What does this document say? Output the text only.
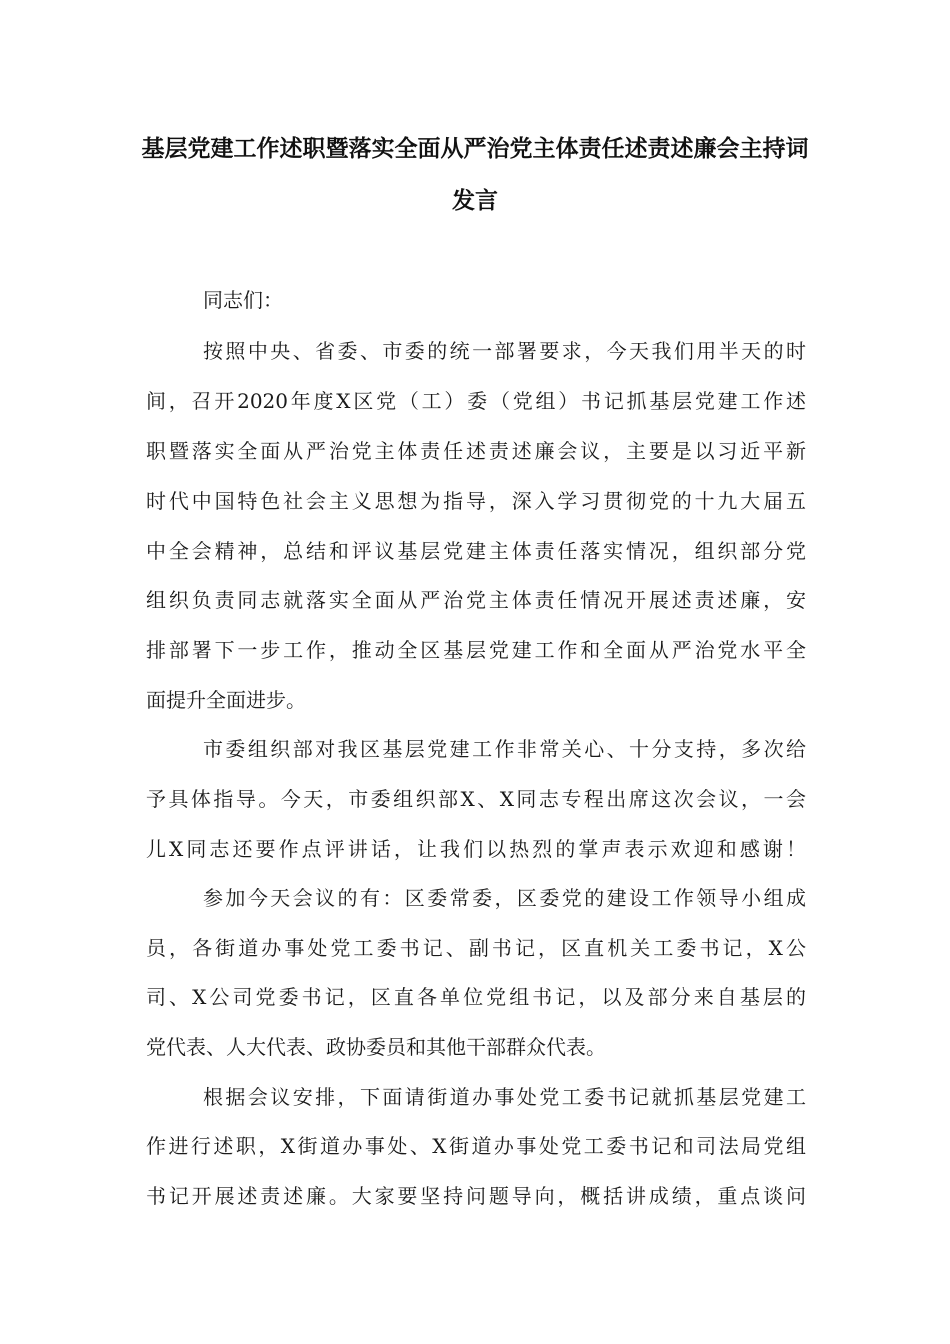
基层党建工作述职暨落实全面从严治党主体责任述责述廉会主持词
发言

同志们：

按照中央、省委、市委的统一部署要求，今天我们用半天的时

间，召开2020年度X区党（工）委（党组）书记抓基层党建工作述

职暨落实全面从严治党主体责任述责述廉会议，主要是以习近平新

时代中国特色社会主义思想为指导，深入学习贯彻党的十九大届五

中全会精神，总结和评议基层党建主体责任落实情况，组织部分党

组织负责同志就落实全面从严治党主体责任情况开展述责述廉，安

排部署下一步工作，推动全区基层党建工作和全面从严治党水平全

面提升全面进步。

市委组织部对我区基层党建工作非常关心、十分支持，多次给

予具体指导。今天，市委组织部X、X同志专程出席这次会议，一会

儿X同志还要作点评讲话，让我们以热烈的掌声表示欢迎和感谢！

参加今天会议的有：区委常委，区委党的建设工作领导小组成

员，各街道办事处党工委书记、副书记，区直机关工委书记，X公

司、X公司党委书记，区直各单位党组书记，以及部分来自基层的

党代表、人大代表、政协委员和其他干部群众代表。

根据会议安排，下面请街道办事处党工委书记就抓基层党建工

作进行述职，X街道办事处、X街道办事处党工委书记和司法局党组

书记开展述责述廉。大家要坚持问题导向，概括讲成绩，重点谈问
